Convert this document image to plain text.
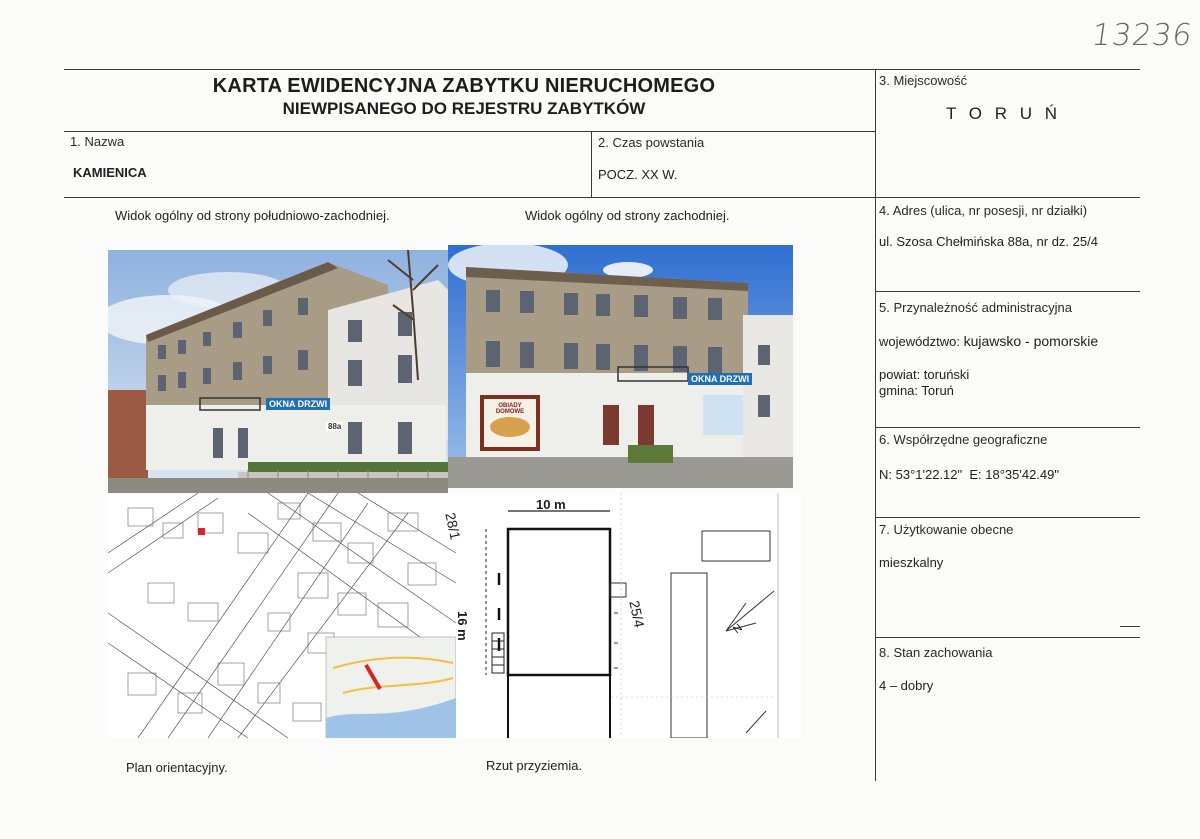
13236
KARTA EWIDENCYJNA ZABYTKU NIERUCHOMEGO
NIEWPISANEGO DO REJESTRU ZABYTKÓW
1. Nazwa
KAMIENICA
2. Czas powstania
POCZ. XX W.
3. Miejscowość
T O R U Ń
4. Adres (ulica, nr posesji, nr działki)
ul. Szosa Chełmińska 88a, nr dz. 25/4
5. Przynależność administracyjna
województwo: kujawsko - pomorskie
powiat: toruński
gmina: Toruń
6. Współrzędne geograficzne
N: 53°1'22.12"  E: 18°35'42.49"
7. Użytkowanie obecne
mieszkalny
8. Stan zachowania
4 – dobry
Widok ogólny od strony południowo-zachodniej.	Widok ogólny od strony zachodniej.
Plan orientacyjny.	Rzut przyziemia.
OKNA DRZWI
88a
OKNA DRZWI
OBIADY DOMOWE
10 m
16 m
28/1
25/4
N
